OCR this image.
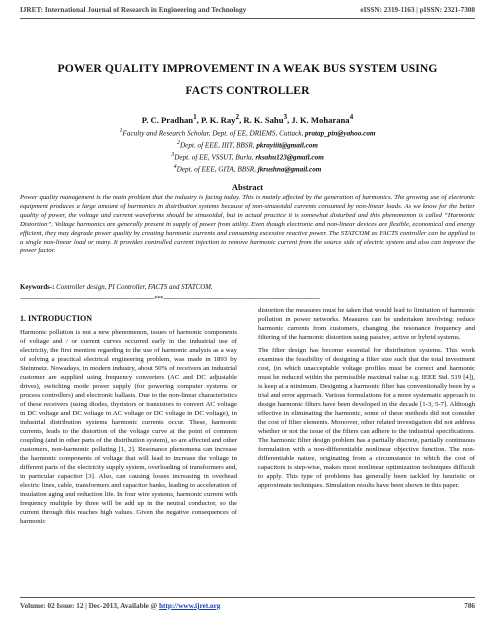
IJRET: International Journal of Research in Engineering and Technology	eISSN: 2319-1163 | pISSN: 2321-7308
POWER QUALITY IMPROVEMENT IN A WEAK BUS SYSTEM USING
FACTS CONTROLLER
P. C. Pradhan$^1$, P. K. Ray$^2$, R. K. Sahu$^3$, J. K. Moharana$^4$
$^1$Faculty and Research Scholar, Dept. of EE, DRIEMS, Cuttack, pratap_pin@yahoo.com
$^2$Dept. of EEE, IIIT, BBSR, pkrayiiit@gmail.com
$^3$Dept. of EE, VSSUT, Burla, rksahu123@gmail.com
$^4$Dept. of EEE, GITA, BBSR, jkrushna@gmail.com
Abstract
Power quality management is the main problem that the industry is facing today. This is mainly affected by the generation of harmonics. The growing use of electronic equipment produces a large amount of harmonics in distribution systems because of non-sinusoidal currents consumed by non-linear loads. As we know for the better quality of power, the voltage and current waveforms should be sinusoidal, but in actual practice it is somewhat disturbed and this phenomenon is called “Harmonic Distortion”. Voltage harmonics are generally present in supply of power from utility. Even though electronic and non-linear devices are flexible, economical and energy efficient, they may degrade power quality by creating harmonic currents and consuming excessive reactive power. The STATCOM as FACTS controller can be applied to a single non-linear load or many. It provides controlled current injection to remove harmonic current from the source side of electric system and also can improve the power factor.
Keywords-: Controller design, PI Controller, FACTS and STATCOM.
------------------------------------------------------------------------***------------------------------------------------------------------------------------
1. INTRODUCTION

Harmonic pollution is not a new phenomenon, issues of harmonic components of voltage and / or current curves occurred early in the industrial use of electricity, the first mention regarding to the use of harmonic analysis as a way of solving a practical electrical engineering problem, was made in 1893 by Steinmetz. Nowadays, in modern industry, about 50% of receivers an industrial customer are supplied using frequency converters (AC and DC adjustable drives), switching mode power supply (for powering computer systems or process controllers) and electronic ballasts. Due to the non-linear characteristics of these receivers (using diodes, thyristors or transistors to convert AC voltage in DC voltage and DC voltage in AC voltage or DC voltage in DC voltage), in industrial distribution systems harmonic currents occur. These, harmonic currents, leads to the distortion of the voltage curve at the point of common coupling (and in other parts of the distribution system), so are affected and other customers, non-harmonic polluting [1, 2]. Resonance phenomena can increase the harmonic components of voltage that will lead to increase the voltage in different parts of the electricity supply system, overloading of transformers and, in particular capacitor [3]. Also, can causing losses increasing in overhead electric lines, cable, transformers and capacitor banks, leading to acceleration of insulation aging and reduction life. In four wire systems, harmonic current with frequency multiple by three will be add up in the neutral conductor, so the current through this reaches high values. Given the negative consequences of harmonic

distortion the measures must be taken that would lead to limitation of harmonic pollution in power networks. Measures can be undertaken involving: reduce harmonic currents from customers, changing the resonance frequency and filtering of the harmonic distortion using passive, active or hybrid systems.

The filter design has become essential for distribution systems. This work examines the feasibility of designing a filter size such that the total investment cost, (in which unacceptable voltage profiles must be correct and harmonic must be reduced within the permissible maximal value e.g. IEEE Std. 519 [4]), is keep at a minimum. Designing a harmonic filter has conventionally been by a trial and error approach. Various formulations for a more systematic approach to design harmonic filters have been developed in the decade [1-3, 5-7]. Although effective in eliminating the harmonic, some of these methods did not consider the cost of filter elements. Moreover, other related investigation did not address whether or not the issue of the filters can adhere to the industrial specifications. The harmonic filter design problem has a partially discrete, partially continuous formulation with a non-differentiable nonlinear objective function. The non-differentiable nature, originating from a circumstance in which the cost of capacitors is step-wise, makes most nonlinear optimization techniques difficult to apply. This type of problems has generally been tackled by heuristic or approximate techniques. Simulation results have been shown in this paper.

Volume: 02 Issue: 12 | Dec-2013, Available @ http://www.ijret.org	786
